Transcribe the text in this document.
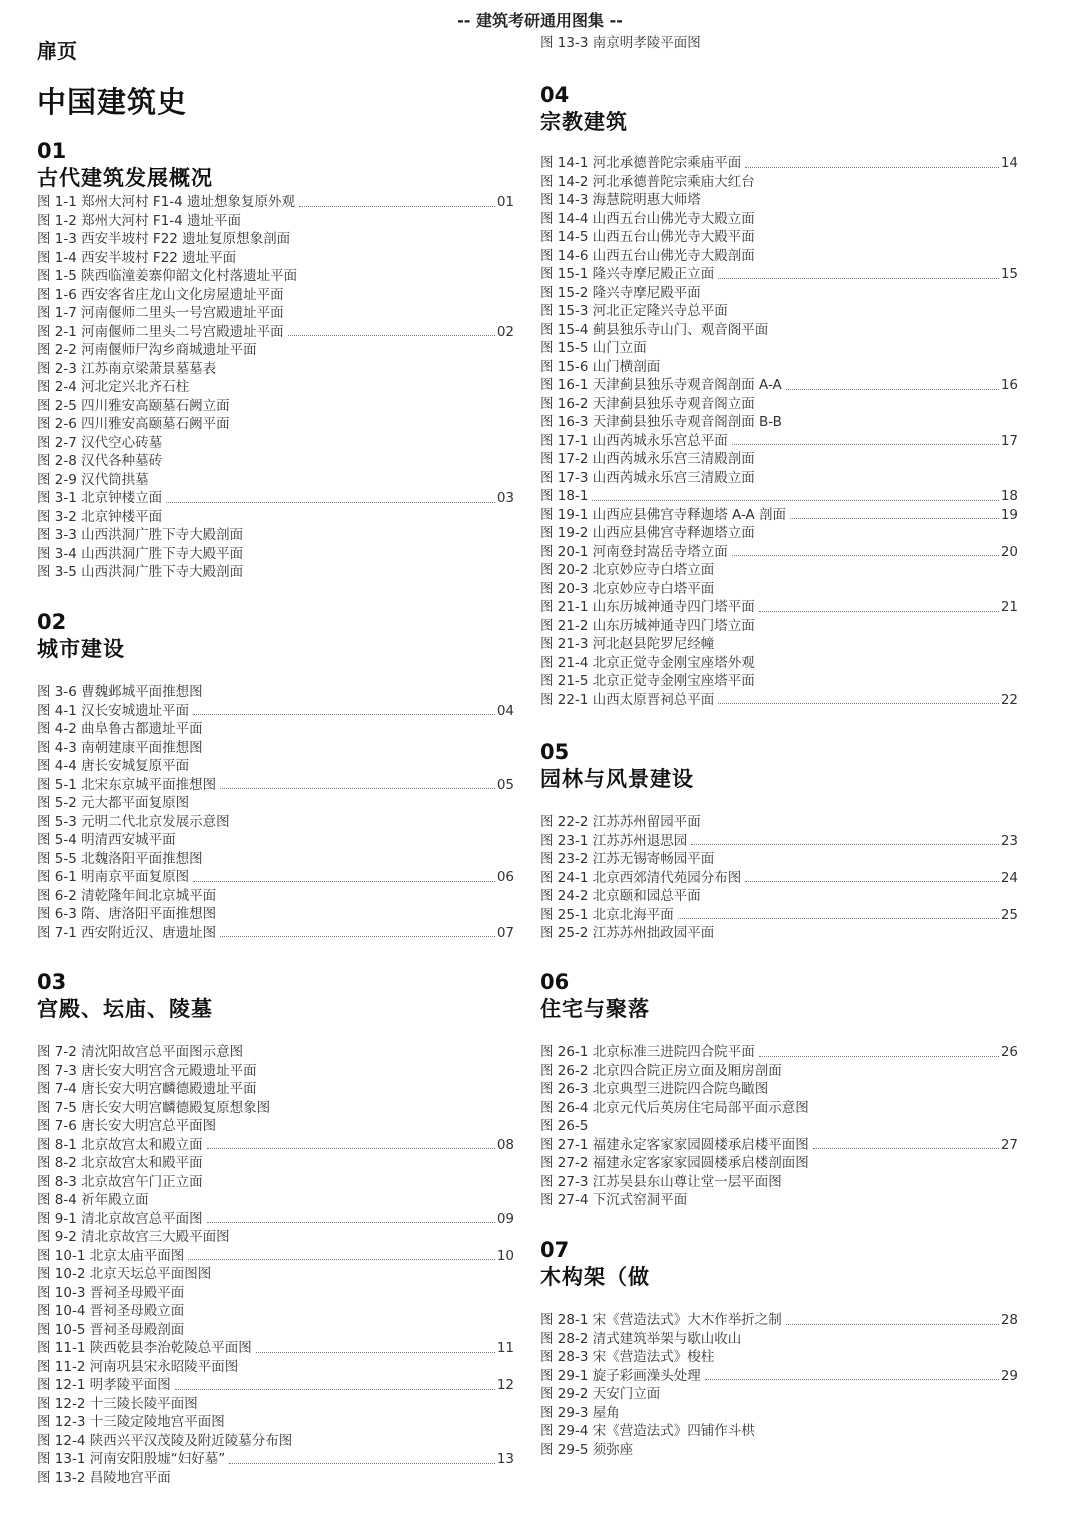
-- 建筑考研通用图集 --
扉页
中国建筑史
01
古代建筑发展概况
图 1-1 郑州大河村 F1-4 遗址想象复原外观	01
图 1-2 郑州大河村 F1-4 遗址平面
图 1-3 西安半坡村 F22 遗址复原想象剖面
图 1-4 西安半坡村 F22 遗址平面
图 1-5 陕西临潼姜寨仰韶文化村落遗址平面
图 1-6 西安客省庄龙山文化房屋遗址平面
图 1-7 河南偃师二里头一号宫殿遗址平面
图 2-1 河南偃师二里头二号宫殿遗址平面	02
图 2-2 河南偃师尸沟乡商城遗址平面
图 2-3 江苏南京梁萧景墓墓表
图 2-4 河北定兴北齐石柱
图 2-5 四川雅安高颐墓石阙立面
图 2-6 四川雅安高颐墓石阙平面
图 2-7 汉代空心砖墓
图 2-8 汉代各种墓砖
图 2-9 汉代筒拱墓
图 3-1 北京钟楼立面	03
图 3-2 北京钟楼平面
图 3-3 山西洪洞广胜下寺大殿剖面
图 3-4 山西洪洞广胜下寺大殿平面
图 3-5 山西洪洞广胜下寺大殿剖面
02
城市建设
图 3-6 曹魏邺城平面推想图
图 4-1 汉长安城遗址平面	04
图 4-2 曲阜鲁古都遗址平面
图 4-3 南朝建康平面推想图
图 4-4 唐长安城复原平面
图 5-1 北宋东京城平面推想图	05
图 5-2 元大都平面复原图
图 5-3 元明二代北京发展示意图
图 5-4 明清西安城平面
图 5-5 北魏洛阳平面推想图
图 6-1 明南京平面复原图	06
图 6-2 清乾隆年间北京城平面
图 6-3 隋、唐洛阳平面推想图
图 7-1 西安附近汉、唐遗址图	07
03
宫殿、坛庙、陵墓
图 7-2 清沈阳故宫总平面图示意图
图 7-3 唐长安大明宫含元殿遗址平面
图 7-4 唐长安大明宫麟德殿遗址平面
图 7-5 唐长安大明宫麟德殿复原想象图
图 7-6 唐长安大明宫总平面图
图 8-1 北京故宫太和殿立面	08
图 8-2 北京故宫太和殿平面
图 8-3 北京故宫午门正立面
图 8-4 祈年殿立面
图 9-1 清北京故宫总平面图	09
图 9-2 清北京故宫三大殿平面图
图 10-1 北京太庙平面图	10
图 10-2 北京天坛总平面图图
图 10-3 晋祠圣母殿平面
图 10-4 晋祠圣母殿立面
图 10-5 晋祠圣母殿剖面
图 11-1 陕西乾县李治乾陵总平面图	11
图 11-2 河南巩县宋永昭陵平面图
图 12-1 明孝陵平面图	12
图 12-2 十三陵长陵平面图
图 12-3 十三陵定陵地宫平面图
图 12-4 陕西兴平汉茂陵及附近陵墓分布图
图 13-1 河南安阳殷墟“妇好墓”	13
图 13-2 昌陵地宫平面
图 13-3 南京明孝陵平面图
04
宗教建筑
图 14-1 河北承德普陀宗乘庙平面	14
图 14-2 河北承德普陀宗乘庙大红台
图 14-3 海慧院明惠大师塔
图 14-4 山西五台山佛光寺大殿立面
图 14-5 山西五台山佛光寺大殿平面
图 14-6 山西五台山佛光寺大殿剖面
图 15-1 隆兴寺摩尼殿正立面	15
图 15-2 隆兴寺摩尼殿平面
图 15-3 河北正定隆兴寺总平面
图 15-4 蓟县独乐寺山门、观音阁平面
图 15-5 山门立面
图 15-6 山门横剖面
图 16-1 天津蓟县独乐寺观音阁剖面 A-A	16
图 16-2 天津蓟县独乐寺观音阁立面
图 16-3 天津蓟县独乐寺观音阁剖面 B-B
图 17-1 山西芮城永乐宫总平面	17
图 17-2 山西芮城永乐宫三清殿剖面
图 17-3 山西芮城永乐宫三清殿立面
图 18-1	18
图 19-1 山西应县佛宫寺释迦塔 A-A 剖面	19
图 19-2 山西应县佛宫寺释迦塔立面
图 20-1 河南登封嵩岳寺塔立面	20
图 20-2 北京妙应寺白塔立面
图 20-3 北京妙应寺白塔平面
图 21-1 山东历城神通寺四门塔平面	21
图 21-2 山东历城神通寺四门塔立面
图 21-3 河北赵县陀罗尼经幢
图 21-4 北京正觉寺金刚宝座塔外观
图 21-5 北京正觉寺金刚宝座塔平面
图 22-1 山西太原晋祠总平面	22
05
园林与风景建设
图 22-2 江苏苏州留园平面
图 23-1 江苏苏州退思园	23
图 23-2 江苏无锡寄畅园平面
图 24-1 北京西郊清代苑园分布图	24
图 24-2 北京颐和园总平面
图 25-1 北京北海平面	25
图 25-2 江苏苏州拙政园平面
06
住宅与聚落
图 26-1 北京标准三进院四合院平面	26
图 26-2 北京四合院正房立面及厢房剖面
图 26-3 北京典型三进院四合院鸟瞰图
图 26-4 北京元代后英房住宅局部平面示意图
图 26-5
图 27-1 福建永定客家家园圆楼承启楼平面图	27
图 27-2 福建永定客家家园圆楼承启楼剖面图
图 27-3 江苏吴县东山尊让堂一层平面图
图 27-4 下沉式窑洞平面
07
木构架（做
图 28-1 宋《营造法式》大木作举折之制	28
图 28-2 清式建筑举架与歇山收山
图 28-3 宋《营造法式》梭柱
图 29-1 旋子彩画澡头处理	29
图 29-2 天安门立面
图 29-3 屋角
图 29-4 宋《营造法式》四铺作斗栱
图 29-5 须弥座
